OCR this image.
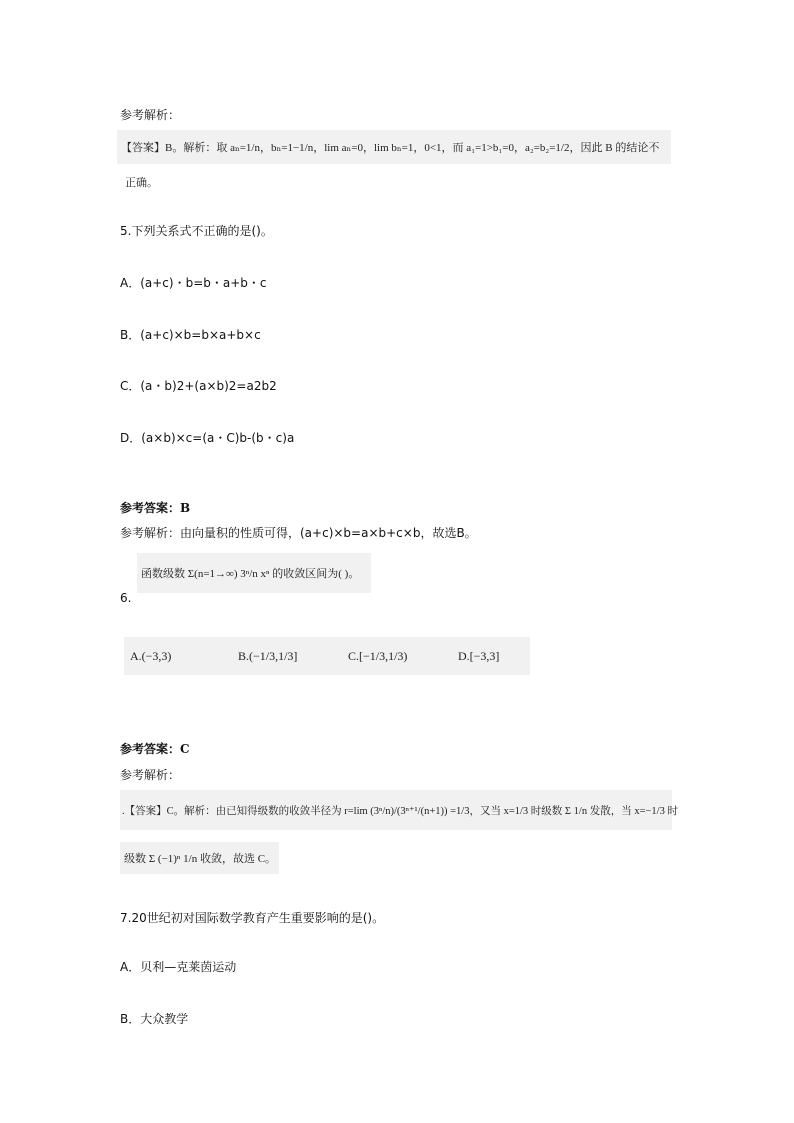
参考解析：
【答案】B。解析：取 aₙ=1/n，bₙ=1−1/n，lim aₙ=0，lim bₙ=1，0<1，而 a₁=1>b₁=0，a₂=b₂=1/2，因此 B 的结论不
正确。
5.下列关系式不正确的是()。
A．(a+c)・b=b・a+b・c
B．(a+c)×b=b×a+b×c
C．(a・b)2+(a×b)2=a2b2
D．(a×b)×c=(a・C)b-(b・c)a
参考答案：B
参考解析：由向量积的性质可得，(a+c)×b=a×b+c×b，故选B。
函数级数 Σ(n=1→∞) 3ⁿ/n xⁿ 的收敛区间为( )。
6.
A.(−3,3)	B.(−1/3,1/3]	C.[−1/3,1/3)	D.[−3,3]
参考答案：C
参考解析：
.【答案】C。解析：由已知得级数的收敛半径为 r=lim (3ⁿ/n)/(3ⁿ⁺¹/(n+1)) =1/3，又当 x=1/3 时级数 Σ 1/n 发散，当 x=−1/3 时
级数 Σ (−1)ⁿ 1/n 收敛，故选 C。
7.20世纪初对国际数学教育产生重要影响的是()。
A．贝利—克莱茵运动
B．大众教学
